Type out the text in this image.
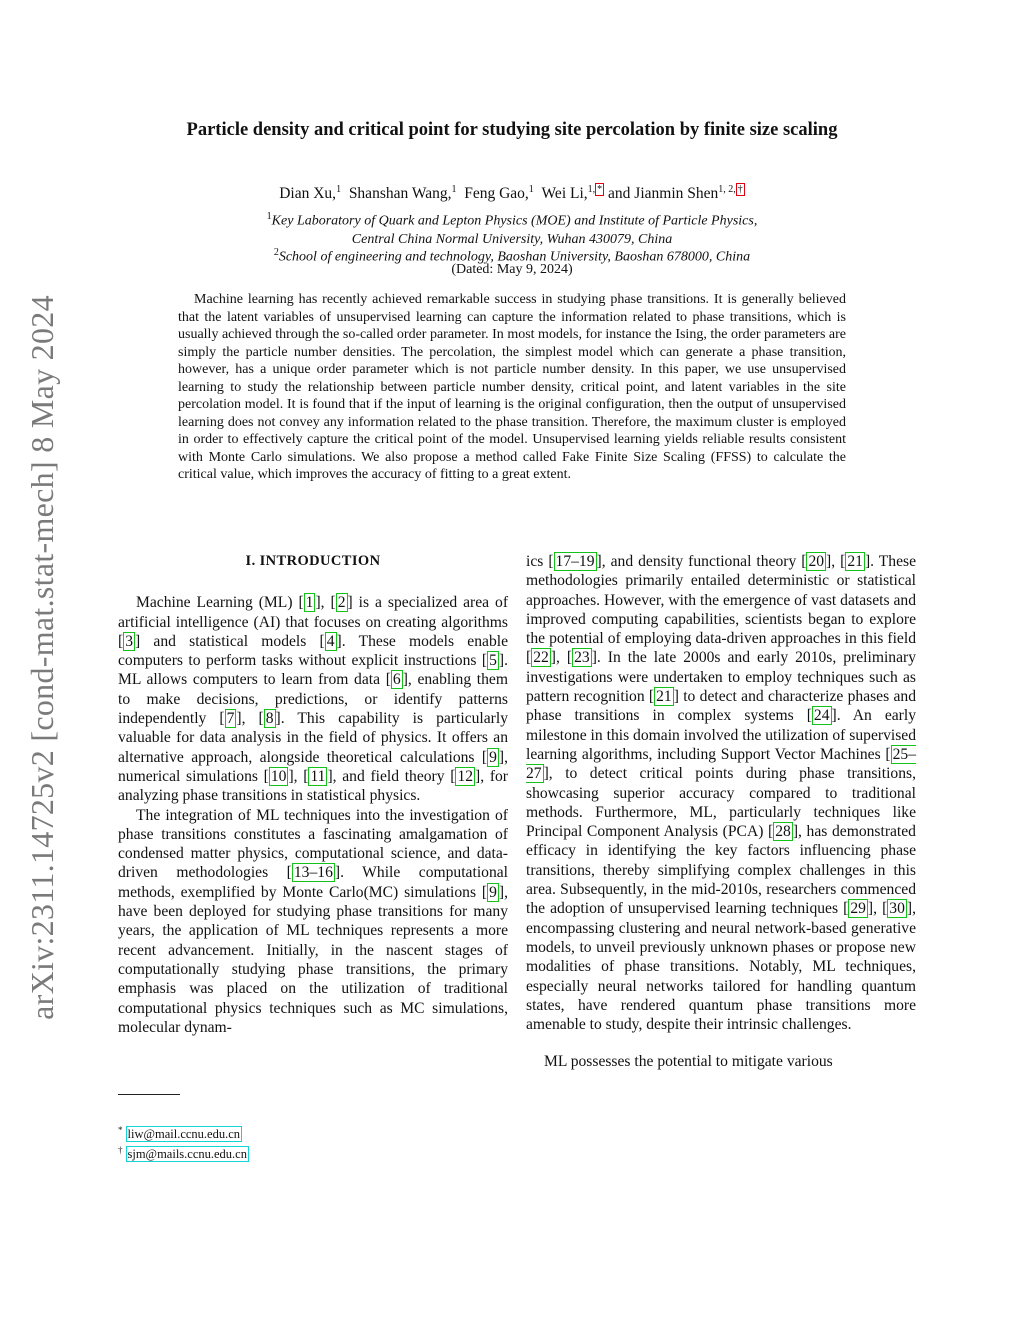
arXiv:2311.14725v2 [cond-mat.stat-mech] 8 May 2024
Particle density and critical point for studying site percolation by finite size scaling
Dian Xu,$^1$ Shanshan Wang,$^1$ Feng Gao,$^1$ Wei Li,$^{1, *}$ and Jianmin Shen$^{1, 2, \dagger}$
$^1$Key Laboratory of Quark and Lepton Physics (MOE) and Institute of Particle Physics,
Central China Normal University, Wuhan 430079, China
$^2$School of engineering and technology, Baoshan University, Baoshan 678000, China
(Dated: May 9, 2024)
Machine learning has recently achieved remarkable success in studying phase transitions. It is generally believed that the latent variables of unsupervised learning can capture the information related to phase transitions, which is usually achieved through the so-called order parameter. In most models, for instance the Ising, the order parameters are simply the particle number densities. The percolation, the simplest model which can generate a phase transition, however, has a unique order parameter which is not particle number density. In this paper, we use unsupervised learning to study the relationship between particle number density, critical point, and latent variables in the site percolation model. It is found that if the input of learning is the original configuration, then the output of unsupervised learning does not convey any information related to the phase transition. Therefore, the maximum cluster is employed in order to effectively capture the critical point of the model. Unsupervised learning yields reliable results consistent with Monte Carlo simulations. We also propose a method called Fake Finite Size Scaling (FFSS) to calculate the critical value, which improves the accuracy of fitting to a great extent.
I. INTRODUCTION

Machine Learning (ML) [ 1 ], [ 2 ] is a specialized area of artificial intelligence (AI) that focuses on creating algorithms [ 3 ] and statistical models [ 4 ]. These models enable computers to perform tasks without explicit instructions [ 5 ]. ML allows computers to learn from data [ 6 ], enabling them to make decisions, predictions, or identify patterns independently [ 7 ], [ 8 ]. This capability is particularly valuable for data analysis in the field of physics. It offers an alternative approach, alongside theoretical calculations [ 9 ], numerical simulations [ 10 ], [ 11 ], and field theory [ 12 ], for analyzing phase transitions in statistical physics.

The integration of ML techniques into the investigation of phase transitions constitutes a fascinating amalgamation of condensed matter physics, computational science, and data-driven methodologies [ 13–16 ]. While computational methods, exemplified by Monte Carlo(MC) simulations [ 9 ], have been deployed for studying phase transitions for many years, the application of ML techniques represents a more recent advancement. Initially, in the nascent stages of computationally studying phase transitions, the primary emphasis was placed on the utilization of traditional computational physics techniques such as MC simulations, molecular dynam-

ics [ 17–19 ], and density functional theory [ 20 ], [ 21 ]. These methodologies primarily entailed deterministic or statistical approaches. However, with the emergence of vast datasets and improved computing capabilities, scientists began to explore the potential of employing data-driven approaches in this field [ 22 ], [ 23 ]. In the late 2000s and early 2010s, preliminary investigations were undertaken to employ techniques such as pattern recognition [ 21 ] to detect and characterize phases and phase transitions in complex systems [ 24 ]. An early milestone in this domain involved the utilization of supervised learning algorithms, including Support Vector Machines [ 25–27 ], to detect critical points during phase transitions, showcasing superior accuracy compared to traditional methods. Furthermore, ML, particularly techniques like Principal Component Analysis (PCA) [ 28 ], has demonstrated efficacy in identifying the key factors influencing phase transitions, thereby simplifying complex challenges in this area. Subsequently, in the mid-2010s, researchers commenced the adoption of unsupervised learning techniques [ 29 ], [ 30 ], encompassing clustering and neural network-based generative models, to unveil previously unknown phases or propose new modalities of phase transitions. Notably, ML techniques, especially neural networks tailored for handling quantum states, have rendered quantum phase transitions more amenable to study, despite their intrinsic challenges.

ML possesses the potential to mitigate various

* liw@mail.ccnu.edu.cn
† sjm@mails.ccnu.edu.cn
